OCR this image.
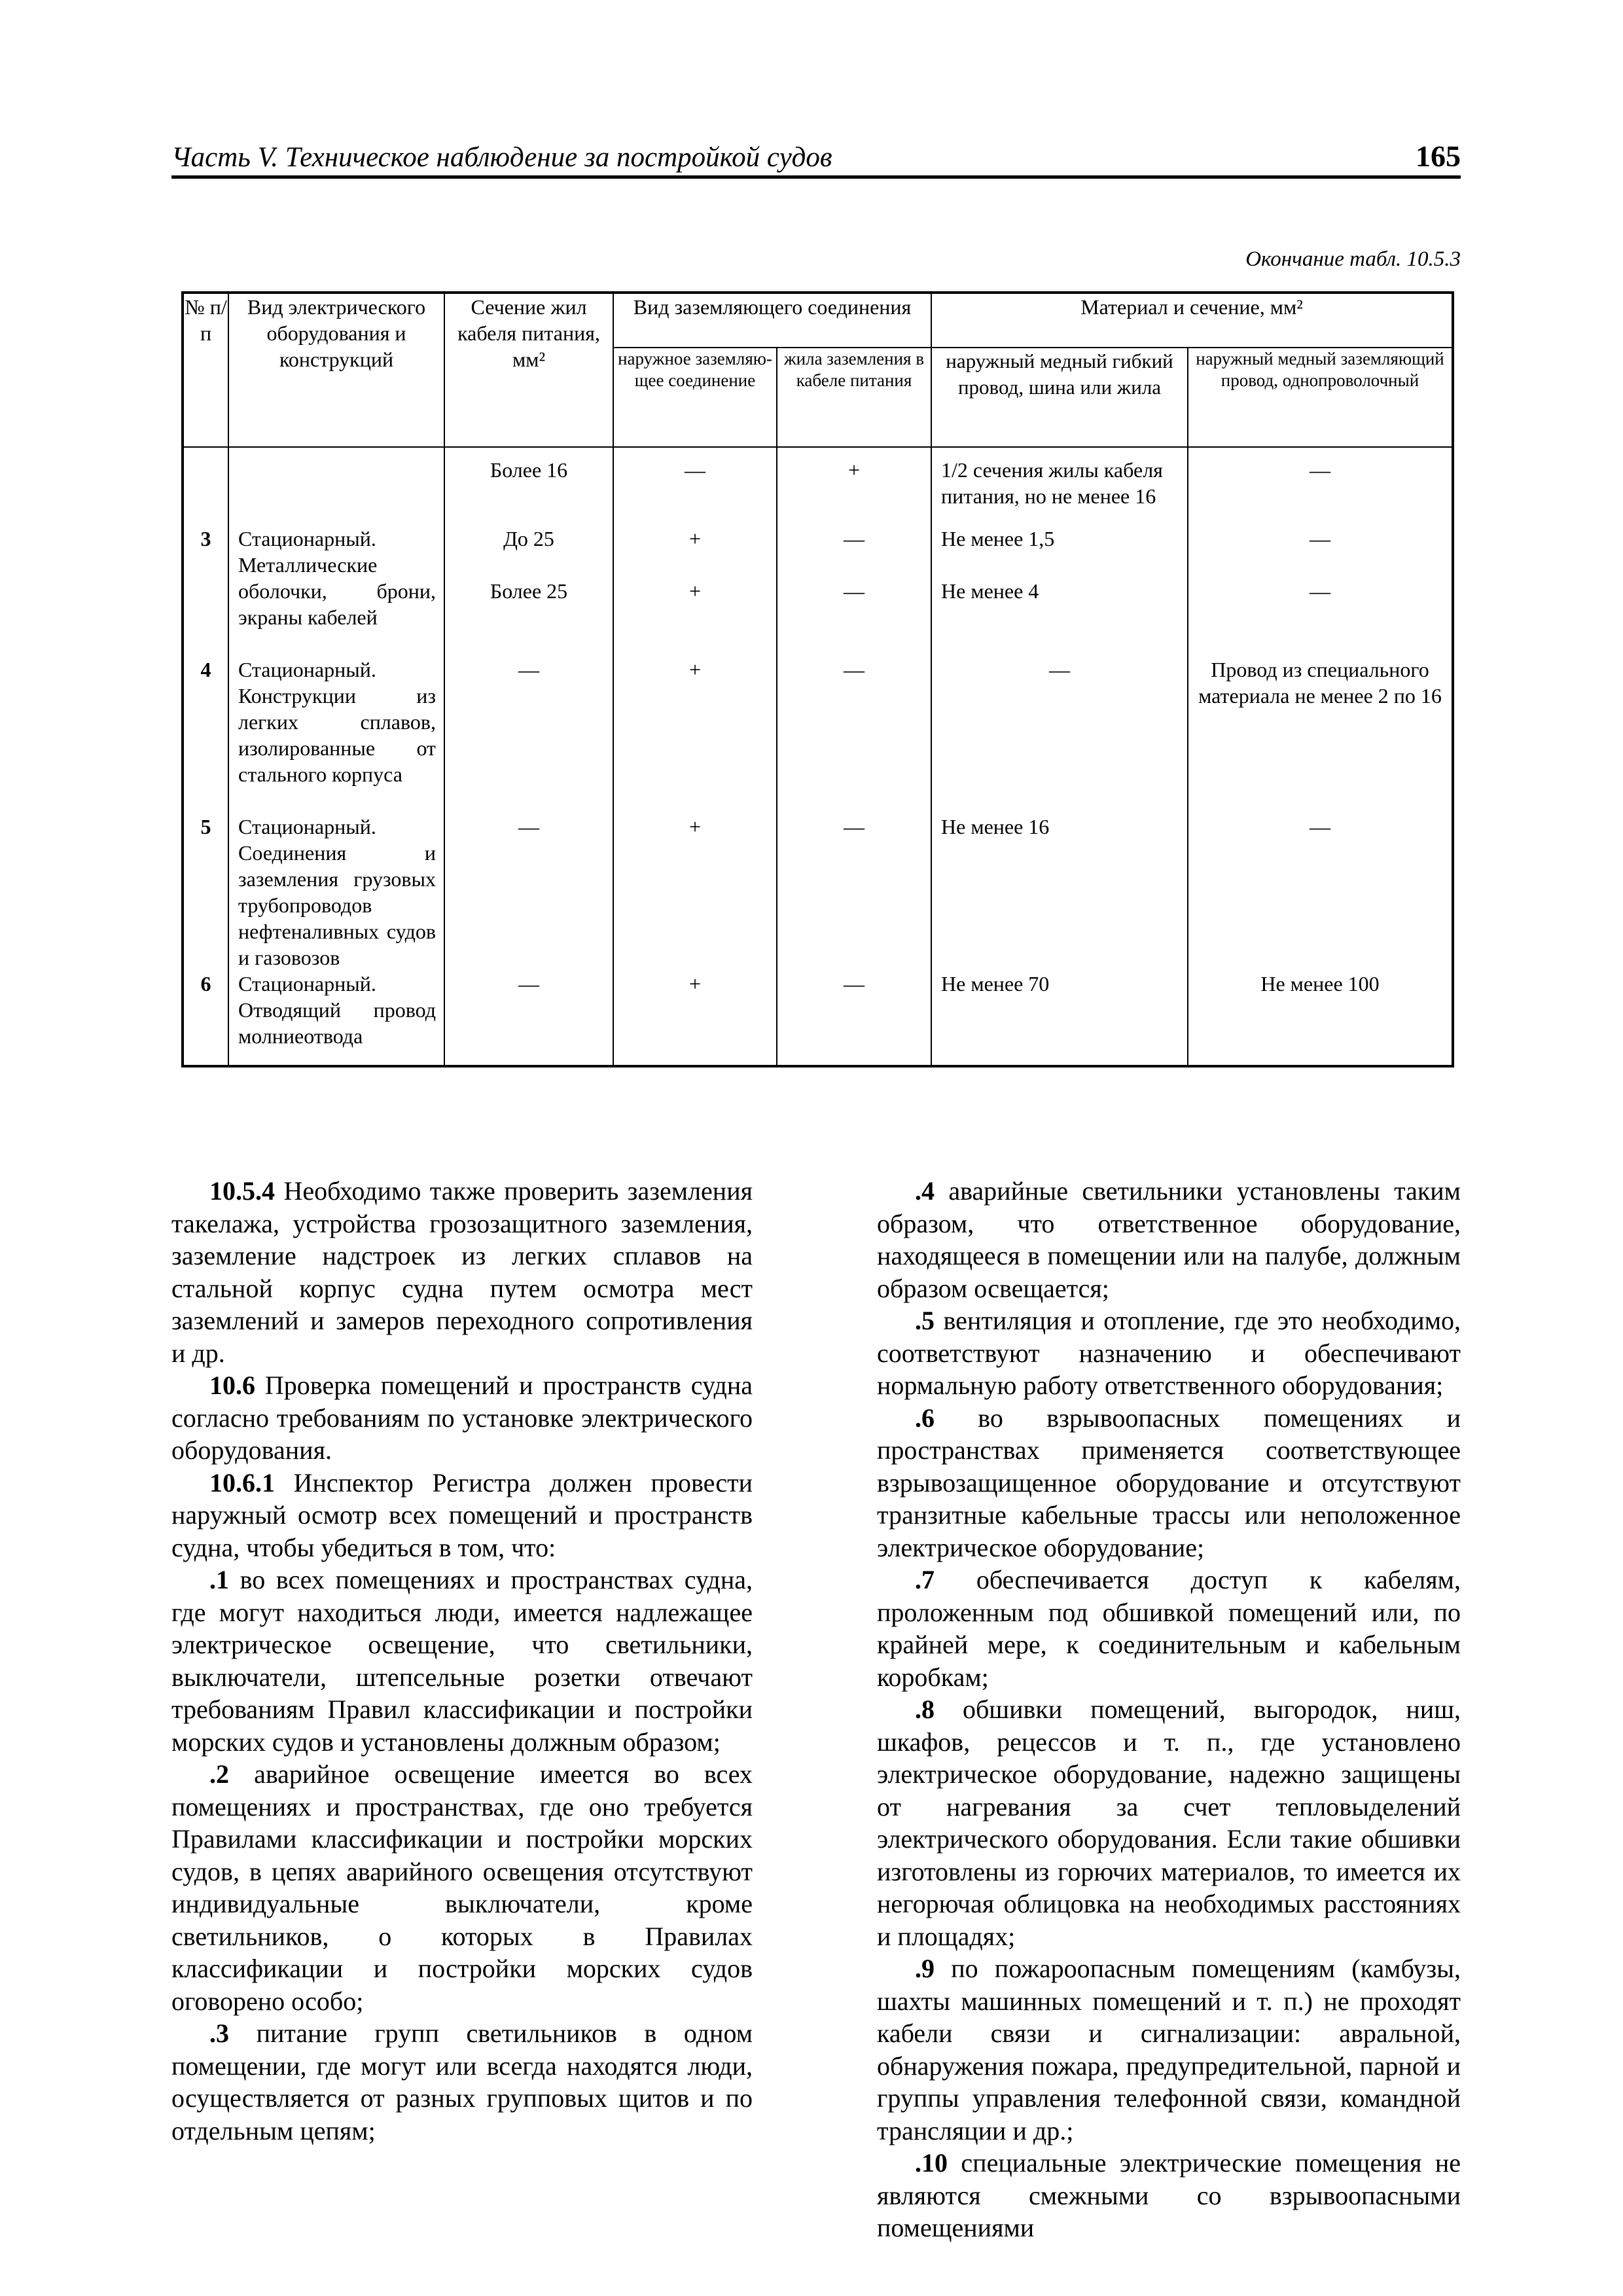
Часть V. Техническое наблюдение за постройкой судов	165
Окончание табл. 10.5.3
№ п/п	Вид электрического оборудования и конструкций	Сечение жил кабеля питания, мм²	Вид заземляющего соединения		Материал и сечение, мм²	
			наружное заземляю-щее соединение	жила заземления в кабеле питания	наружный медный гибкий провод, шина или жила	наружный медный заземляющий провод, однопроволочный
		Более 16	—	+	1/2 сечения жилы кабеля питания, но не менее 16	—
3	Стационарный. Металлические оболочки, брони, экраны кабелей	До 25	+	—	Не менее 1,5	—
		Более 25	+	—	Не менее 4	—
4	Стационарный. Конструкции из легких сплавов, изолированные от стального корпуса	—	+	—	—	Провод из специального материала не менее 2 по 16
5	Стационарный. Соединения и заземления грузовых трубопроводов нефтеналивных судов и газовозов	—	+	—	Не менее 16	—
6	Стационарный. Отводящий провод молниеотвода	—	+	—	Не менее 70	Не менее 100

10.5.4 Необходимо также проверить заземления такелажа, устройства грозозащитного заземления, заземление надстроек из легких сплавов на стальной корпус судна путем осмотра мест заземлений и замеров переходного сопротивления и др.

10.6 Проверка помещений и пространств судна согласно требованиям по установке электрического оборудования.

10.6.1 Инспектор Регистра должен провести наружный осмотр всех помещений и пространств судна, чтобы убедиться в том, что:

.1 во всех помещениях и пространствах судна, где могут находиться люди, имеется надлежащее электрическое освещение, что светильники, выключатели, штепсельные розетки отвечают требованиям Правил классификации и постройки морских судов и установлены должным образом;

.2 аварийное освещение имеется во всех помещениях и пространствах, где оно требуется Правилами классификации и постройки морских судов, в цепях аварийного освещения отсутствуют индивидуальные выключатели, кроме светильников, о которых в Правилах классификации и постройки морских судов оговорено особо;

.3 питание групп светильников в одном помещении, где могут или всегда находятся люди, осуществляется от разных групповых щитов и по отдельным цепям;

.4 аварийные светильники установлены таким образом, что ответственное оборудование, находящееся в помещении или на палубе, должным образом освещается;

.5 вентиляция и отопление, где это необходимо, соответствуют назначению и обеспечивают нормальную работу ответственного оборудования;

.6 во взрывоопасных помещениях и пространствах применяется соответствующее взрывозащищенное оборудование и отсутствуют транзитные кабельные трассы или неположенное электрическое оборудование;

.7 обеспечивается доступ к кабелям, проложенным под обшивкой помещений или, по крайней мере, к соединительным и кабельным коробкам;

.8 обшивки помещений, выгородок, ниш, шкафов, рецессов и т. п., где установлено электрическое оборудование, надежно защищены от нагревания за счет тепловыделений электрического оборудования. Если такие обшивки изготовлены из горючих материалов, то имеется их негорючая облицовка на необходимых расстояниях и площадях;

.9 по пожароопасным помещениям (камбузы, шахты машинных помещений и т. п.) не проходят кабели связи и сигнализации: авральной, обнаружения пожара, предупредительной, парной и группы управления телефонной связи, командной трансляции и др.;

.10 специальные электрические помещения не являются смежными со взрывоопасными помещениями
